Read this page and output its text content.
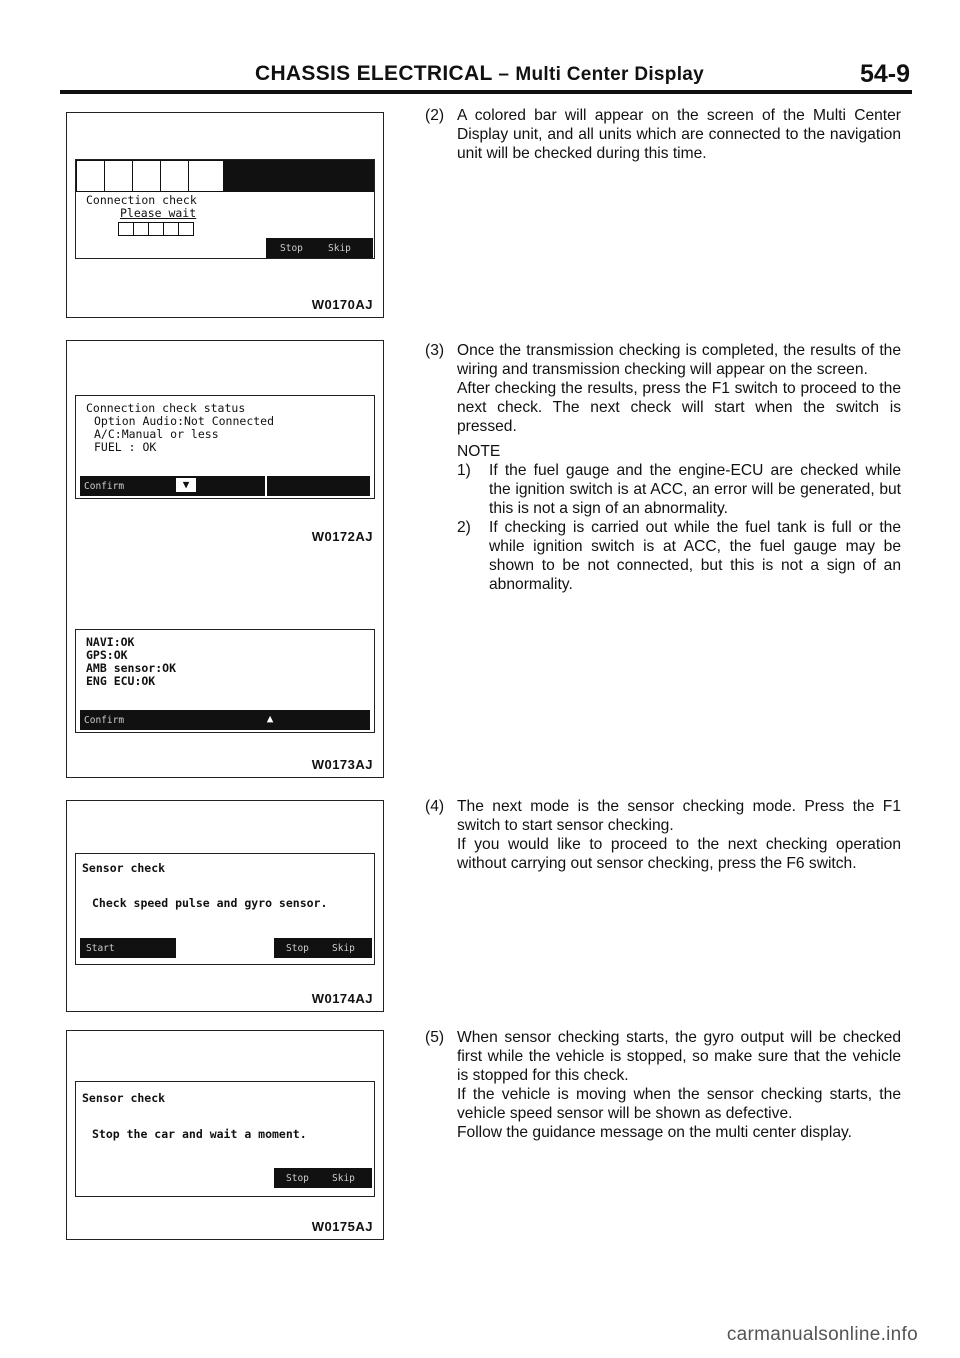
CHASSIS ELECTRICAL – Multi Center Display	54-9
Connection check
Please wait
Stop	Skip
W0170AJ
Connection check status
Option Audio:Not Connected
A/C:Manual or less
FUEL : OK
Confirm	▼
W0172AJ
NAVI:OK
GPS:OK
AMB sensor:OK
ENG ECU:OK
Confirm	▲
W0173AJ
Sensor check
Check speed pulse and gyro sensor.
Start	Stop Skip
W0174AJ
Sensor check
Stop the car and wait a moment.
Stop Skip
W0175AJ
(2) A colored bar will appear on the screen of the Multi Center Display unit, and all units which are connected to the navigation unit will be checked during this time.
(3) Once the transmission checking is completed, the results of the wiring and transmission checking will appear on the screen.
After checking the results, press the F1 switch to proceed to the next check. The next check will start when the switch is pressed.
NOTE
1) If the fuel gauge and the engine-ECU are checked while the ignition switch is at ACC, an error will be generated, but this is not a sign of an abnormality.
2) If checking is carried out while the fuel tank is full or the while ignition switch is at ACC, the fuel gauge may be shown to be not connected, but this is not a sign of an abnormality.
(4) The next mode is the sensor checking mode. Press the F1 switch to start sensor checking.
If you would like to proceed to the next checking operation without carrying out sensor checking, press the F6 switch.
(5) When sensor checking starts, the gyro output will be checked first while the vehicle is stopped, so make sure that the vehicle is stopped for this check.
If the vehicle is moving when the sensor checking starts, the vehicle speed sensor will be shown as defective.
Follow the guidance message on the multi center display.
carmanualsonline.info
